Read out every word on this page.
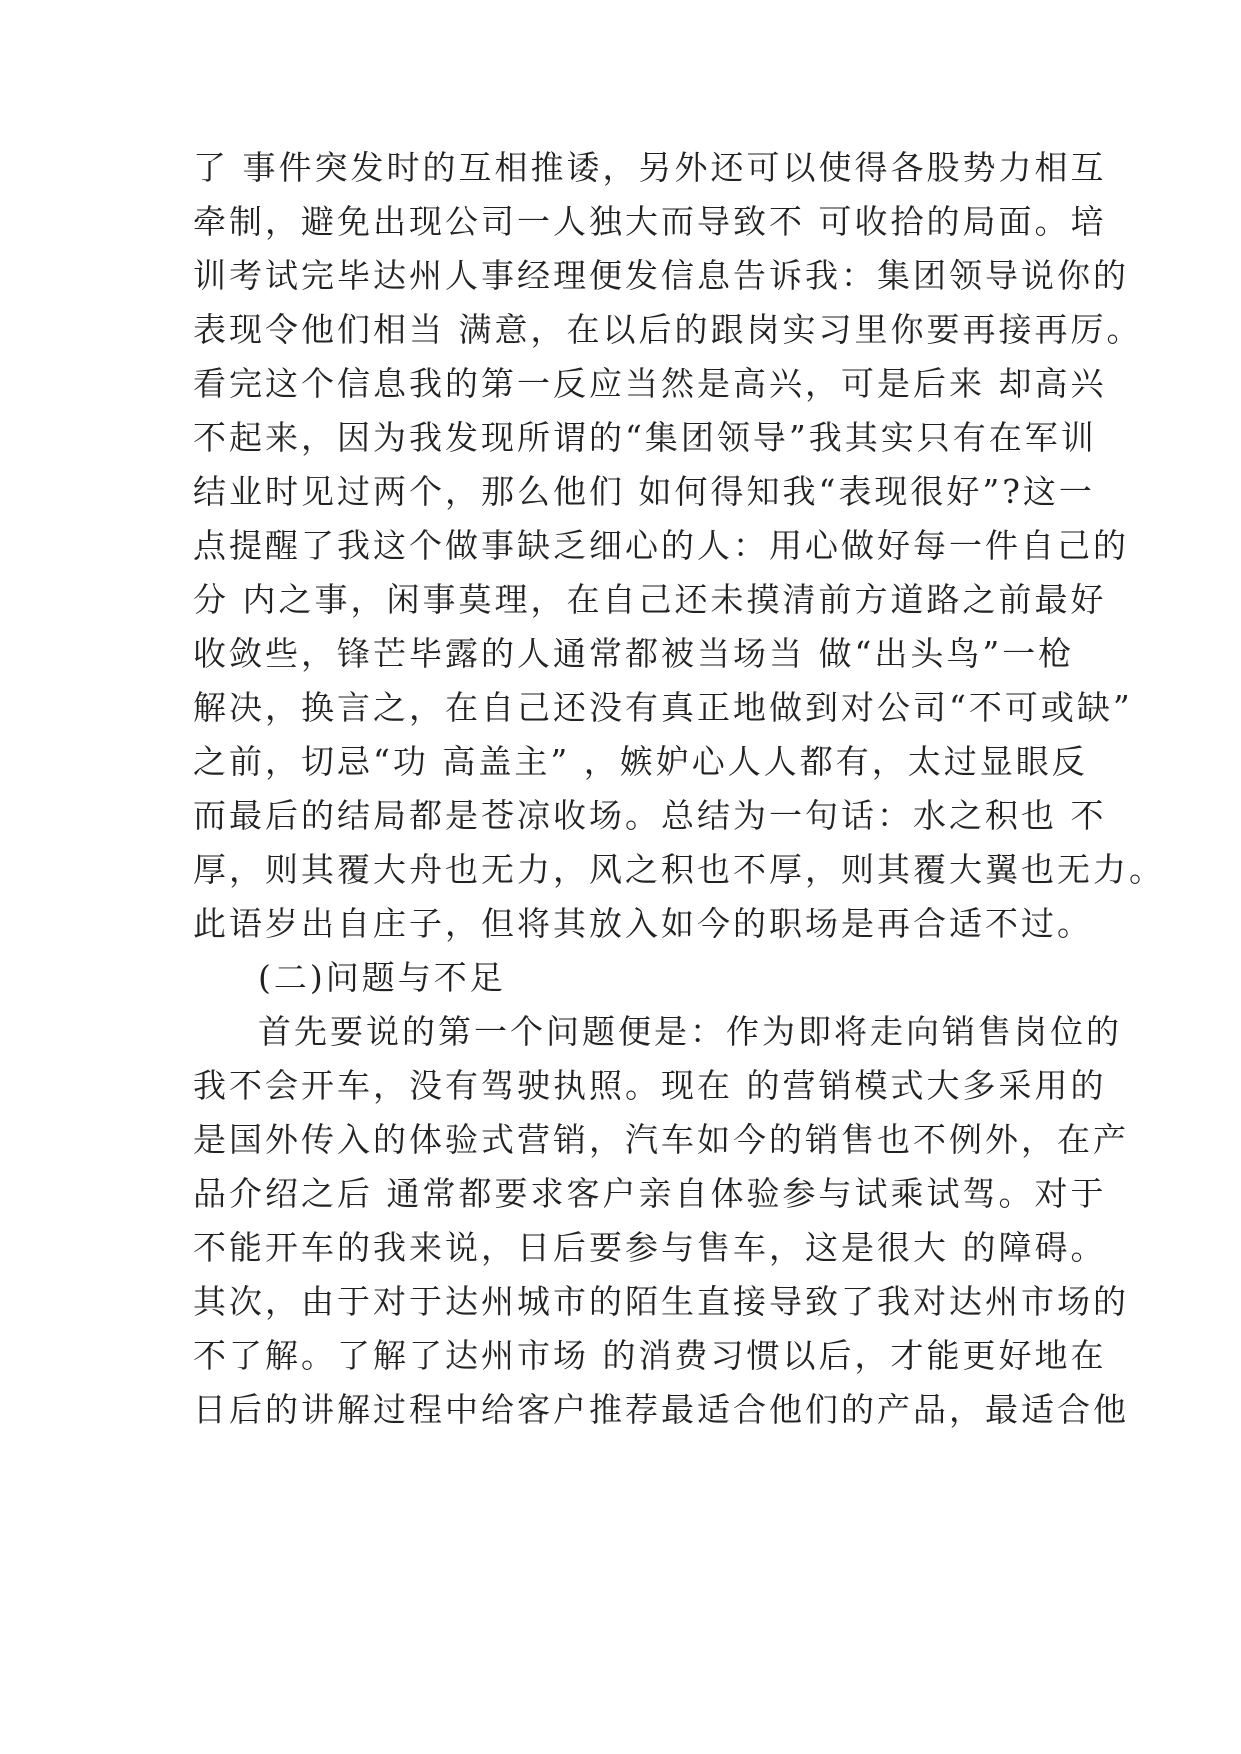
了 事件突发时的互相推诿，另外还可以使得各股势力相互
牵制，避免出现公司一人独大而导致不 可收拾的局面。培
训考试完毕达州人事经理便发信息告诉我：集团领导说你的
表现令他们相当 满意，在以后的跟岗实习里你要再接再厉。
看完这个信息我的第一反应当然是高兴，可是后来 却高兴
不起来，因为我发现所谓的“集团领导”我其实只有在军训
结业时见过两个，那么他们 如何得知我“表现很好”?这一
点提醒了我这个做事缺乏细心的人：用心做好每一件自己的
分 内之事，闲事莫理，在自己还未摸清前方道路之前最好
收敛些，锋芒毕露的人通常都被当场当 做“出头鸟”一枪
解决，换言之，在自己还没有真正地做到对公司“不可或缺”
之前，切忌“功 高盖主” ，嫉妒心人人都有，太过显眼反
而最后的结局都是苍凉收场。总结为一句话：水之积也 不
厚，则其覆大舟也无力，风之积也不厚，则其覆大翼也无力。
此语岁出自庄子，但将其放入如今的职场是再合适不过。
(二)问题与不足
首先要说的第一个问题便是：作为即将走向销售岗位的
我不会开车，没有驾驶执照。现在 的营销模式大多采用的
是国外传入的体验式营销，汽车如今的销售也不例外，在产
品介绍之后 通常都要求客户亲自体验参与试乘试驾。对于
不能开车的我来说，日后要参与售车，这是很大 的障碍。
其次，由于对于达州城市的陌生直接导致了我对达州市场的
不了解。了解了达州市场 的消费习惯以后，才能更好地在
日后的讲解过程中给客户推荐最适合他们的产品，最适合他
